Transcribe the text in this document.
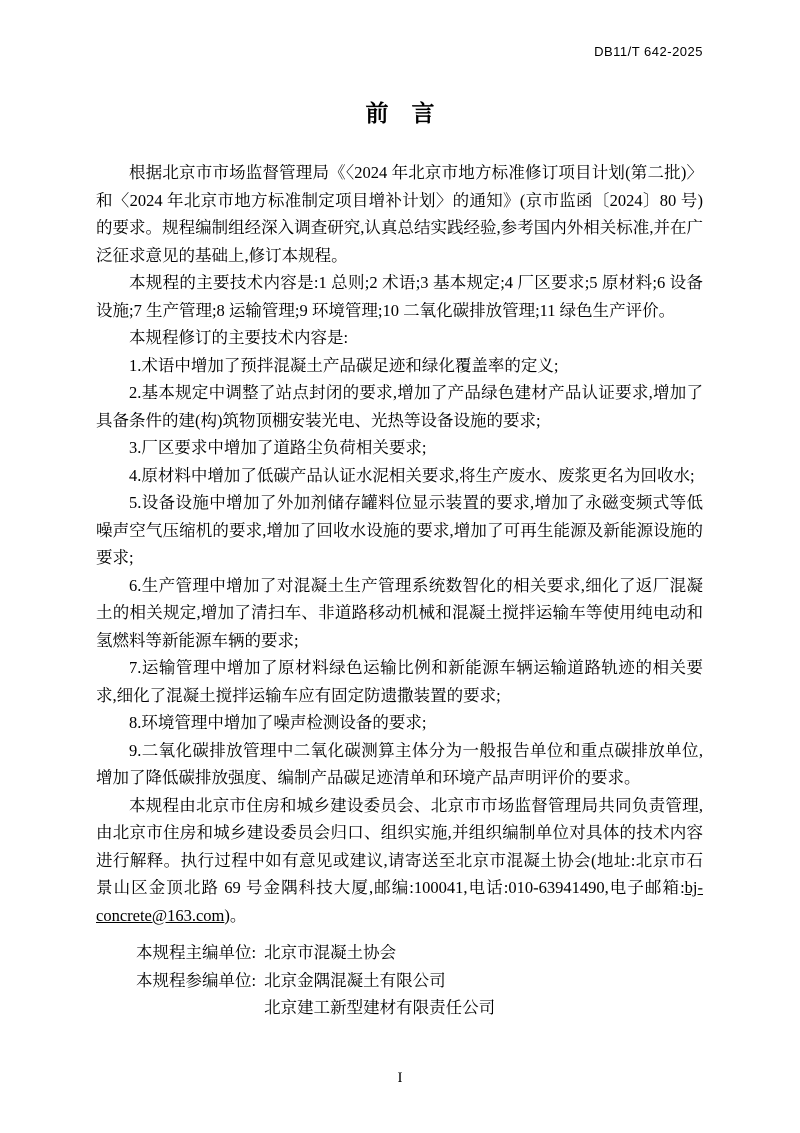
DB11/T 642-2025
前　言

根据北京市市场监督管理局《〈2024 年北京市地方标准修订项目计划(第二批)〉和〈2024 年北京市地方标准制定项目增补计划〉的通知》(京市监函〔2024〕80 号)的要求。规程编制组经深入调查研究,认真总结实践经验,参考国内外相关标准,并在广泛征求意见的基础上,修订本规程。

本规程的主要技术内容是:1 总则;2 术语;3 基本规定;4 厂区要求;5 原材料;6 设备设施;7 生产管理;8 运输管理;9 环境管理;10 二氧化碳排放管理;11 绿色生产评价。

本规程修订的主要技术内容是:

1.术语中增加了预拌混凝土产品碳足迹和绿化覆盖率的定义;

2.基本规定中调整了站点封闭的要求,增加了产品绿色建材产品认证要求,增加了具备条件的建(构)筑物顶棚安装光电、光热等设备设施的要求;

3.厂区要求中增加了道路尘负荷相关要求;

4.原材料中增加了低碳产品认证水泥相关要求,将生产废水、废浆更名为回收水;

5.设备设施中增加了外加剂储存罐料位显示装置的要求,增加了永磁变频式等低噪声空气压缩机的要求,增加了回收水设施的要求,增加了可再生能源及新能源设施的要求;

6.生产管理中增加了对混凝土生产管理系统数智化的相关要求,细化了返厂混凝土的相关规定,增加了清扫车、非道路移动机械和混凝土搅拌运输车等使用纯电动和氢燃料等新能源车辆的要求;

7.运输管理中增加了原材料绿色运输比例和新能源车辆运输道路轨迹的相关要求,细化了混凝土搅拌运输车应有固定防遗撒装置的要求;

8.环境管理中增加了噪声检测设备的要求;

9.二氧化碳排放管理中二氧化碳测算主体分为一般报告单位和重点碳排放单位,增加了降低碳排放强度、编制产品碳足迹清单和环境产品声明评价的要求。

本规程由北京市住房和城乡建设委员会、北京市市场监督管理局共同负责管理,由北京市住房和城乡建设委员会归口、组织实施,并组织编制单位对具体的技术内容进行解释。执行过程中如有意见或建议,请寄送至北京市混凝土协会(地址:北京市石景山区金顶北路 69 号金隅科技大厦,邮编:100041,电话:010-63941490,电子邮箱:bj-concrete@163.com)。

本规程主编单位: 北京市混凝土协会

本规程参编单位: 北京金隅混凝土有限公司
北京建工新型建材有限责任公司
I
